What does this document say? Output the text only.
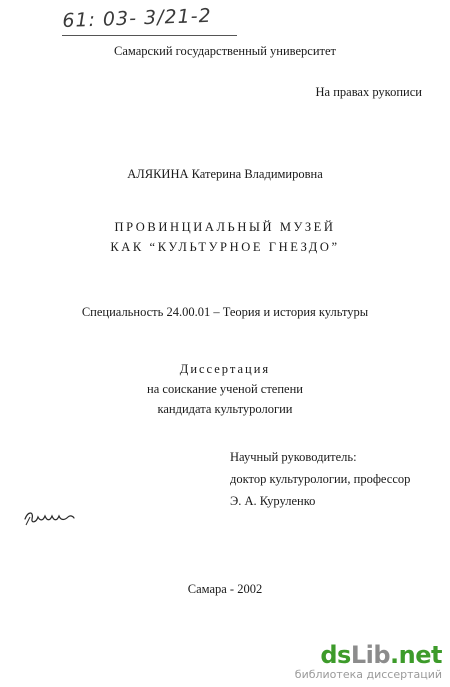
61: 03- 3/21-2
Самарский государственный университет
На правах рукописи
АЛЯКИНА Катерина Владимировна
ПРОВИНЦИАЛЬНЫЙ МУЗЕЙ
КАК “КУЛЬТУРНОЕ ГНЕЗДО”
Специальность 24.00.01 – Теория и история культуры
Диссертация
на соискание ученой степени
кандидата культурологии
Научный руководитель:
доктор культурологии, профессор
Э. А. Куруленко
Самара - 2002
dsLib.net
библиотека диссертаций
